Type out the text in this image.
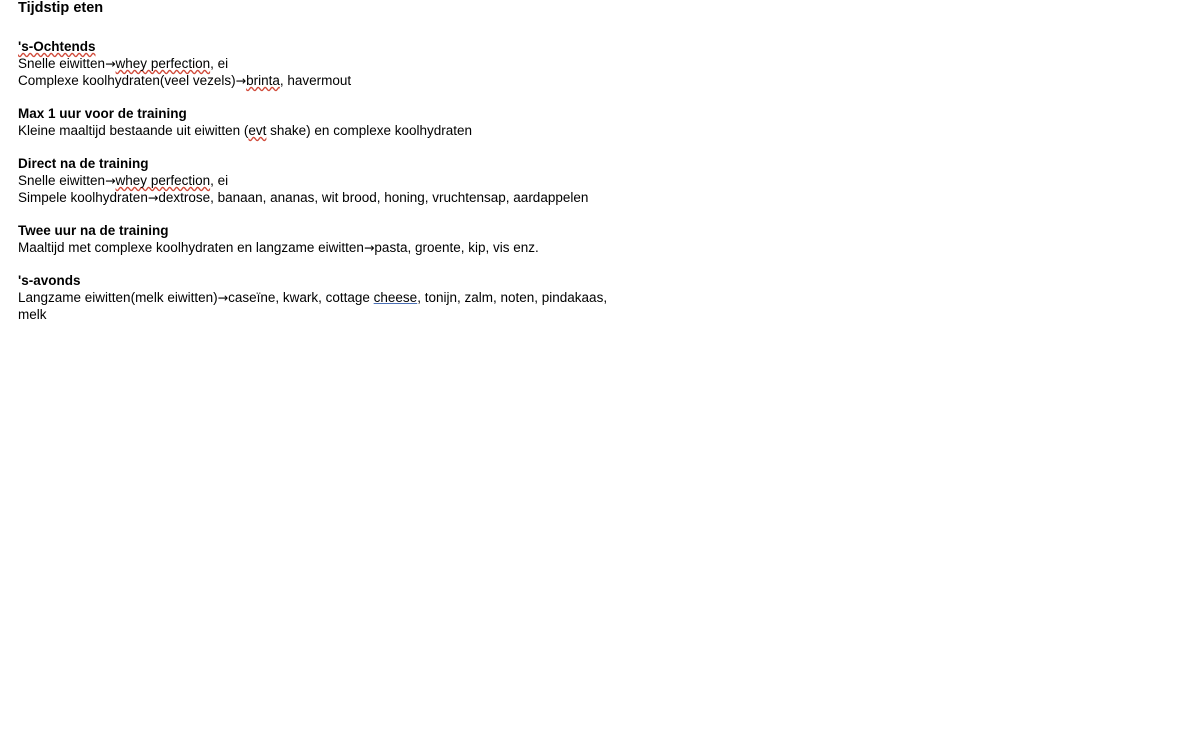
Tijdstip eten
's-Ochtends
Snelle eiwitten→whey perfection, ei
Complexe koolhydraten(veel vezels)→brinta, havermout
Max 1 uur voor de training
Kleine maaltijd bestaande uit eiwitten (evt shake) en complexe koolhydraten
Direct na de training
Snelle eiwitten→whey perfection, ei
Simpele koolhydraten→dextrose, banaan, ananas, wit brood, honing, vruchtensap, aardappelen
Twee uur na de training
Maaltijd met complexe koolhydraten en langzame eiwitten→pasta, groente, kip, vis enz.
's-avonds
Langzame eiwitten(melk eiwitten)→caseïne, kwark, cottage cheese, tonijn, zalm, noten, pindakaas,
melk
